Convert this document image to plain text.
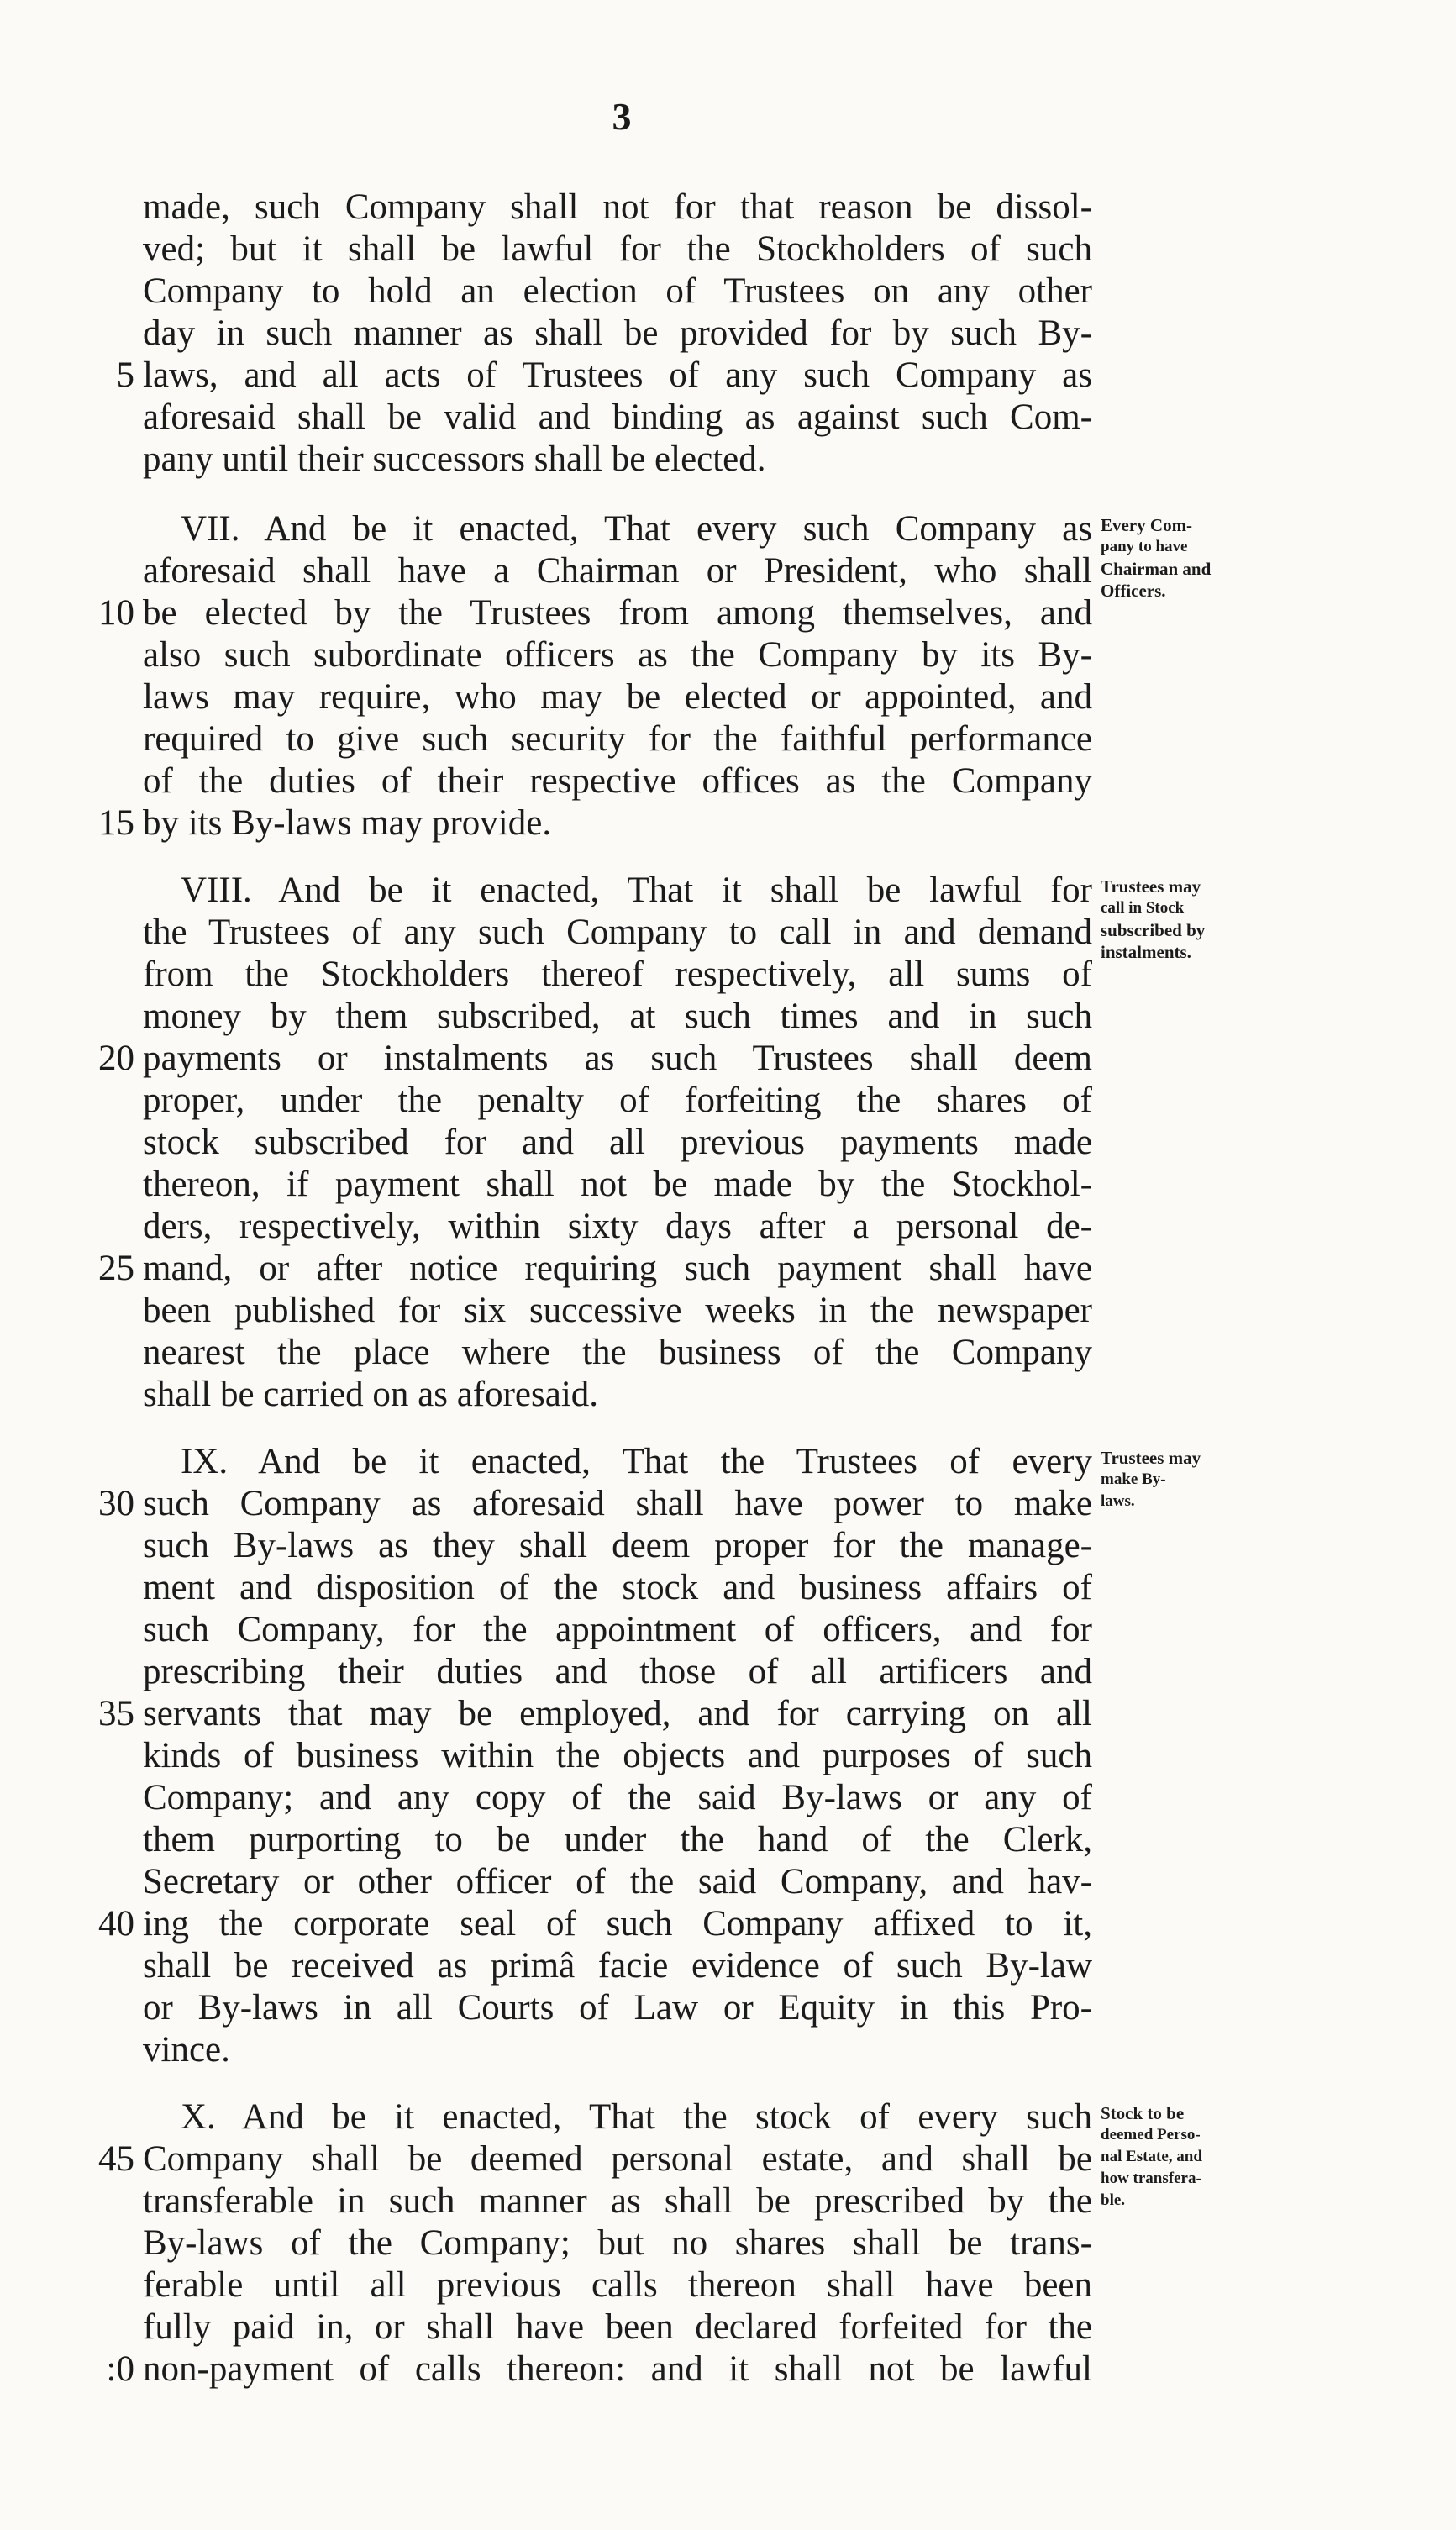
3
made, such Company shall not for that reason be dissol-
ved; but it shall be lawful for the Stockholders of such
Company to hold an election of Trustees on any other
day in such manner as shall be provided for by such By-
laws, and all acts of Trustees of any such Company as
aforesaid shall be valid and binding as against such Com-
pany until their successors shall be elected.
VII. And be it enacted, That every such Company as
aforesaid shall have a Chairman or President, who shall
be elected by the Trustees from among themselves, and
also such subordinate officers as the Company by its By-
laws may require, who may be elected or appointed, and
required to give such security for the faithful performance
of the duties of their respective offices as the Company
by its By-laws may provide.
VIII. And be it enacted, That it shall be lawful for
the Trustees of any such Company to call in and demand
from the Stockholders thereof respectively, all sums of
money by them subscribed, at such times and in such
payments or instalments as such Trustees shall deem
proper, under the penalty of forfeiting the shares of
stock subscribed for and all previous payments made
thereon, if payment shall not be made by the Stockhol-
ders, respectively, within sixty days after a personal de-
mand, or after notice requiring such payment shall have
been published for six successive weeks in the newspaper
nearest the place where the business of the Company
shall be carried on as aforesaid.
IX. And be it enacted, That the Trustees of every
such Company as aforesaid shall have power to make
such By-laws as they shall deem proper for the manage-
ment and disposition of the stock and business affairs of
such Company, for the appointment of officers, and for
prescribing their duties and those of all artificers and
servants that may be employed, and for carrying on all
kinds of business within the objects and purposes of such
Company; and any copy of the said By-laws or any of
them purporting to be under the hand of the Clerk,
Secretary or other officer of the said Company, and hav-
ing the corporate seal of such Company affixed to it,
shall be received as primâ facie evidence of such By-law
or By-laws in all Courts of Law or Equity in this Pro-
vince.
X. And be it enacted, That the stock of every such
Company shall be deemed personal estate, and shall be
transferable in such manner as shall be prescribed by the
By-laws of the Company; but no shares shall be trans-
ferable until all previous calls thereon shall have been
fully paid in, or shall have been declared forfeited for the
non-payment of calls thereon: and it shall not be lawful
5
10
15
20
25
30
35
40
45
:0
Every Com-
pany to have
Chairman and
Officers.
Trustees may
call in Stock
subscribed by
instalments.
Trustees may
make By-
laws.
Stock to be
deemed Perso-
nal Estate, and
how transfera-
ble.
